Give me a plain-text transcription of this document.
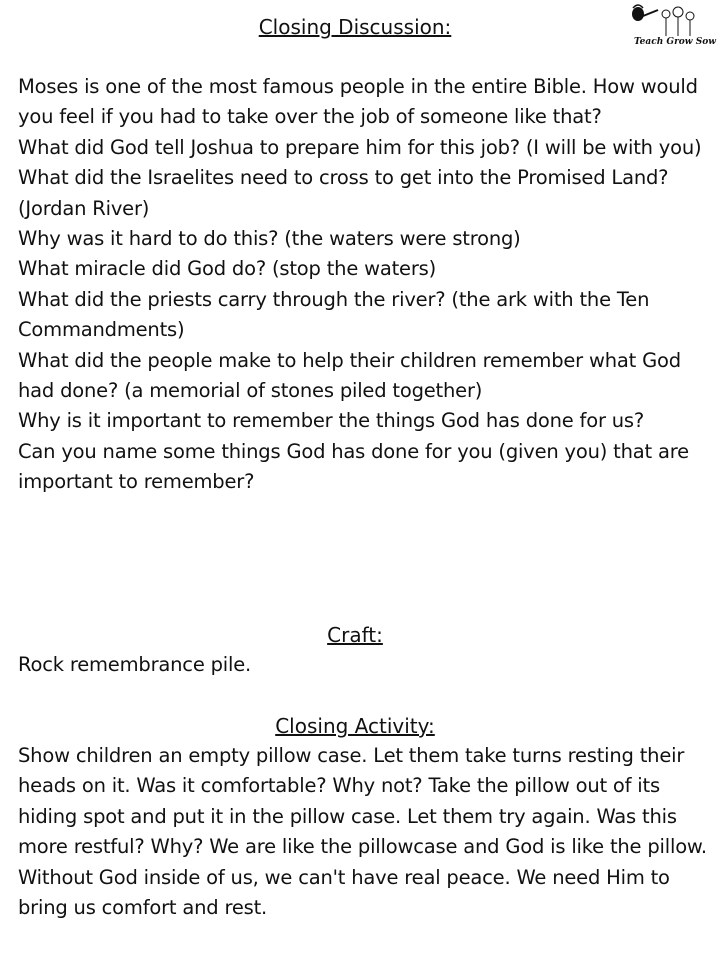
Teach Grow Sow
Closing Discussion:
Moses is one of the most famous people in the entire Bible. How would you feel if you had to take over the job of someone like that?
What did God tell Joshua to prepare him for this job? (I will be with you)
What did the Israelites need to cross to get into the Promised Land? (Jordan River)
Why was it hard to do this? (the waters were strong)
What miracle did God do? (stop the waters)
What did the priests carry through the river? (the ark with the Ten Commandments)
What did the people make to help their children remember what God had done? (a memorial of stones piled together)
Why is it important to remember the things God has done for us?
Can you name some things God has done for you (given you) that are important to remember?
Craft:

Rock remembrance pile.

Closing Activity:

Show children an empty pillow case. Let them take turns resting their heads on it. Was it comfortable? Why not? Take the pillow out of its hiding spot and put it in the pillow case. Let them try again. Was this more restful? Why? We are like the pillowcase and God is like the pillow. Without God inside of us, we can't have real peace. We need Him to bring us comfort and rest.
